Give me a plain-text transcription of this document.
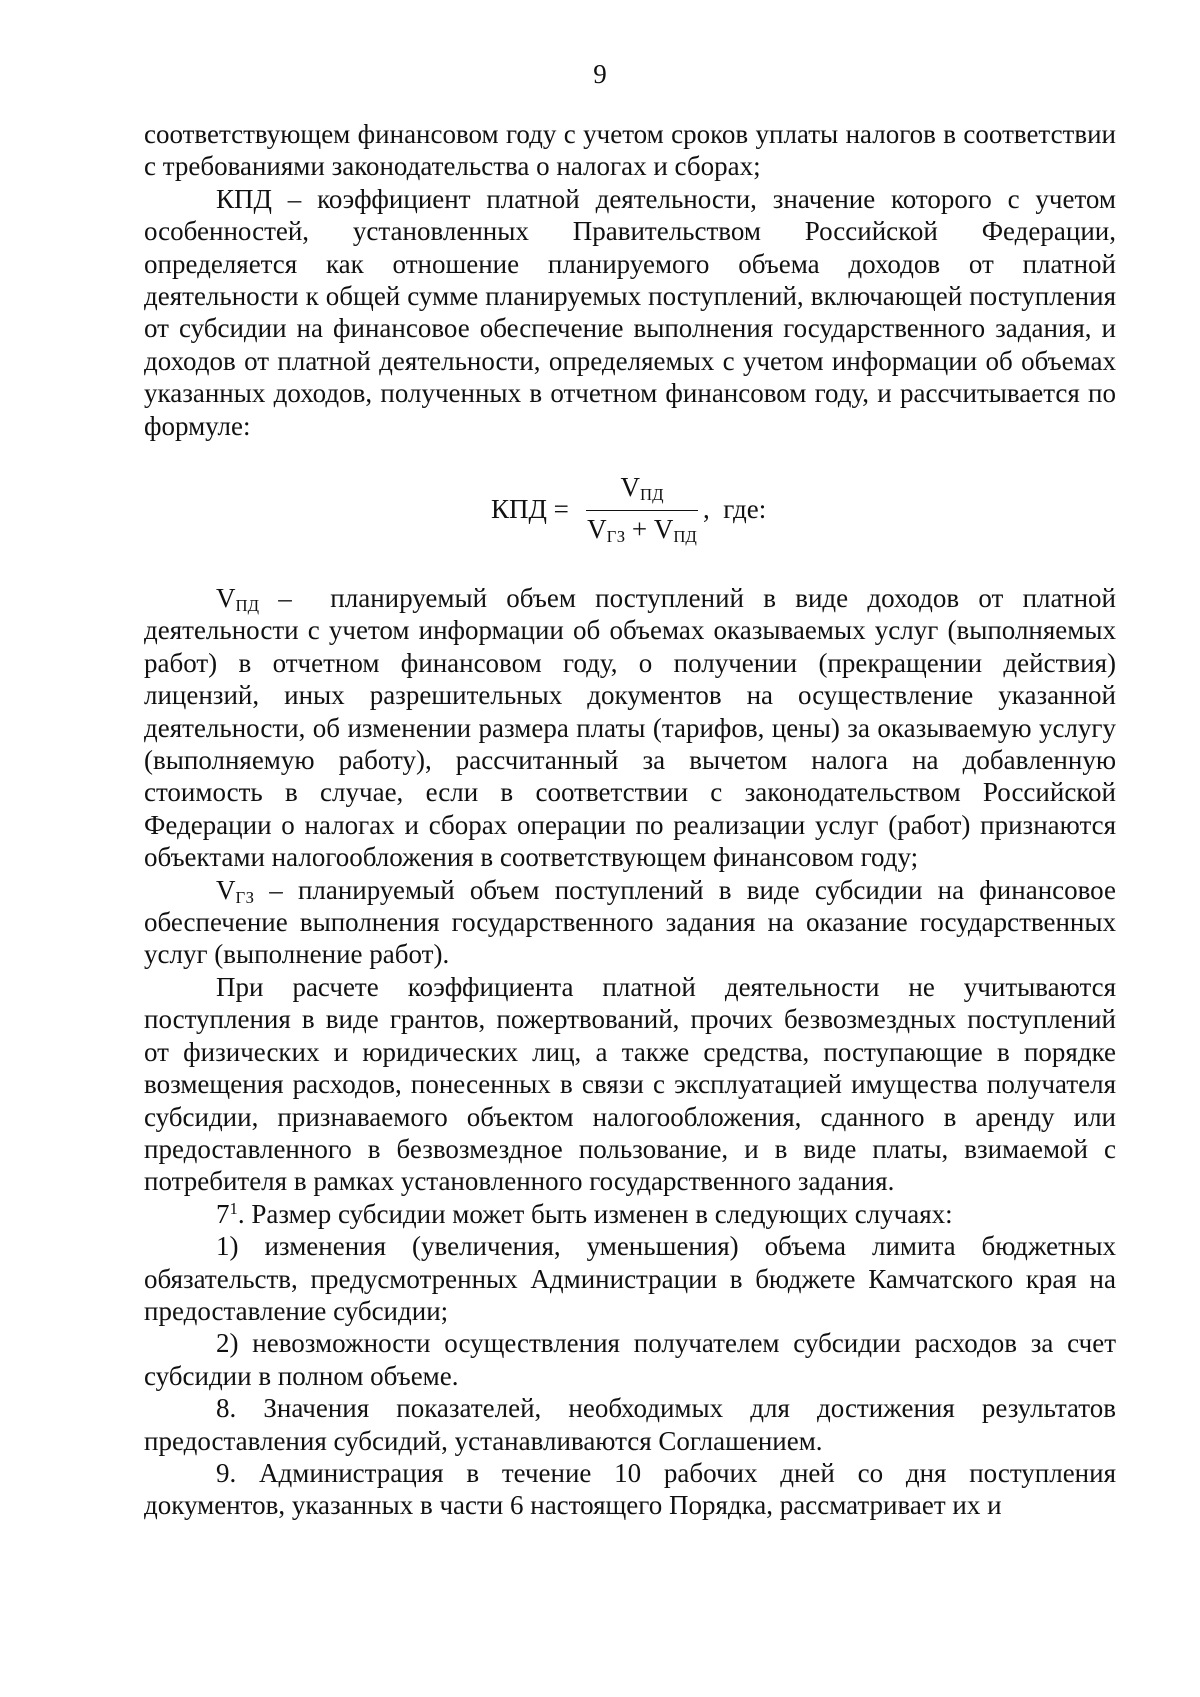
9

соответствующем финансовом году с учетом сроков уплаты налогов в соответствии с требованиями законодательства о налогах и сборах;

КПД – коэффициент платной деятельности, значение которого с учетом особенностей, установленных Правительством Российской Федерации, определяется как отношение планируемого объема доходов от платной деятельности к общей сумме планируемых поступлений, включающей поступления от субсидии на финансовое обеспечение выполнения государственного задания, и доходов от платной деятельности, определяемых с учетом информации об объемах указанных доходов, полученных в отчетном финансовом году, и рассчитывается по формуле:

КПД =
$V_{ПД}$
$V_{ГЗ} + V_{ПД}$
,  где:

$V_{ПД}$ –  планируемый объем поступлений в виде доходов от платной деятельности с учетом информации об объемах оказываемых услуг (выполняемых работ) в отчетном финансовом году, о получении (прекращении действия) лицензий, иных разрешительных документов на осуществление указанной деятельности, об изменении размера платы (тарифов, цены) за оказываемую услугу (выполняемую работу), рассчитанный за вычетом налога на добавленную стоимость в случае, если в соответствии с законодательством Российской Федерации о налогах и сборах операции по реализации услуг (работ) признаются объектами налогообложения в соответствующем финансовом году;

$V_{ГЗ}$ – планируемый объем поступлений в виде субсидии на финансовое обеспечение выполнения государственного задания на оказание государственных услуг (выполнение работ).

При расчете коэффициента платной деятельности не учитываются поступления в виде грантов, пожертвований, прочих безвозмездных поступлений от физических и юридических лиц, а также средства, поступающие в порядке возмещения расходов, понесенных в связи с эксплуатацией имущества получателя субсидии, признаваемого объектом налогообложения, сданного в аренду или предоставленного в безвозмездное пользование, и в виде платы, взимаемой с потребителя в рамках установленного государственного задания.

$7^1$. Размер субсидии может быть изменен в следующих случаях:

1) изменения (увеличения, уменьшения) объема лимита бюджетных обязательств, предусмотренных Администрации в бюджете Камчатского края на предоставление субсидии;

2) невозможности осуществления получателем субсидии расходов за счет субсидии в полном объеме.

8. Значения показателей, необходимых для достижения результатов предоставления субсидий, устанавливаются Соглашением.

9. Администрация в течение 10 рабочих дней со дня поступления документов, указанных в части 6 настоящего Порядка, рассматривает их и
